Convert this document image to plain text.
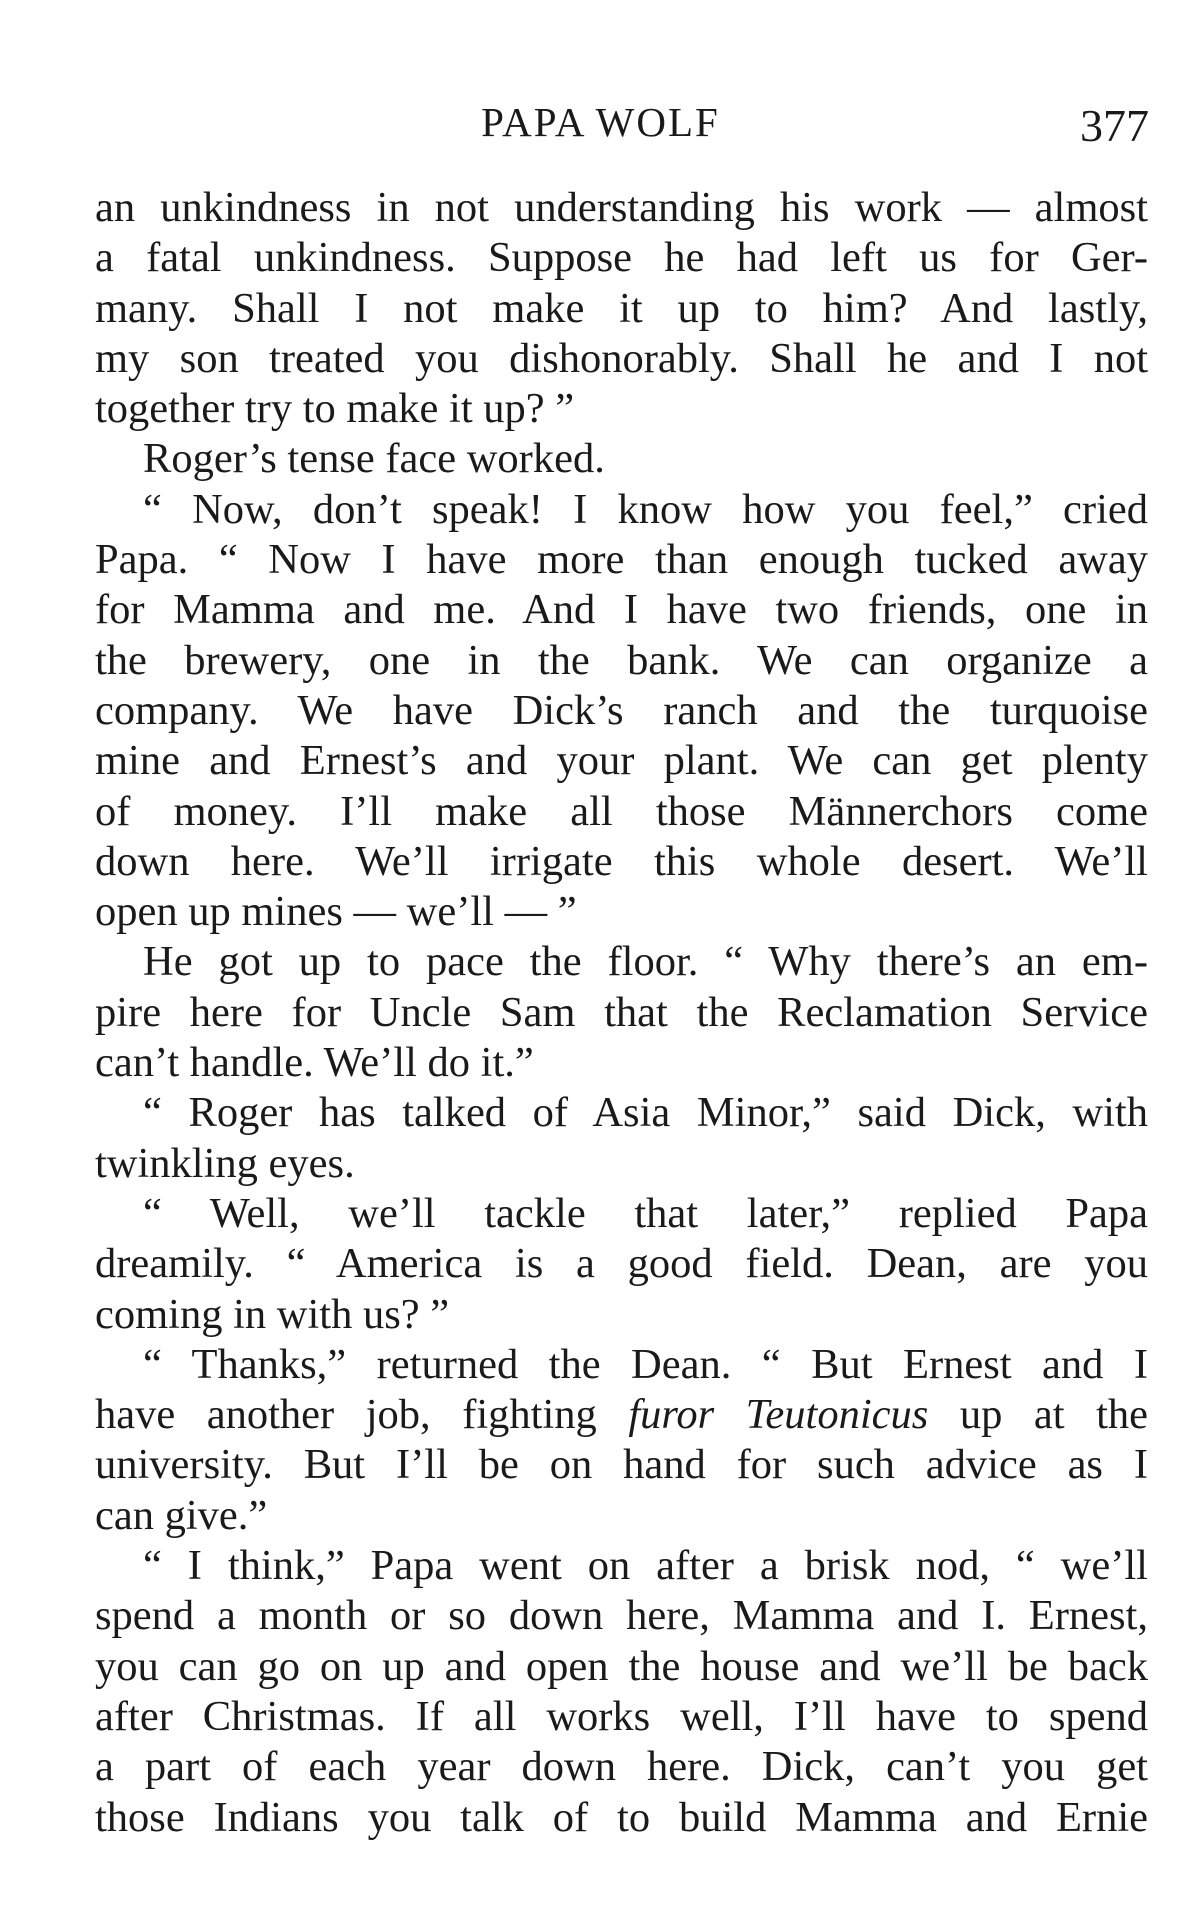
PAPA WOLF	377
an unkindness in not understanding his work — almost
a fatal unkindness. Suppose he had left us for Ger-
many. Shall I not make it up to him? And lastly,
my son treated you dishonorably. Shall he and I not
together try to make it up? ”
Roger’s tense face worked.
“ Now, don’t speak! I know how you feel,” cried
Papa. “ Now I have more than enough tucked away
for Mamma and me. And I have two friends, one in
the brewery, one in the bank. We can organize a
company. We have Dick’s ranch and the turquoise
mine and Ernest’s and your plant. We can get plenty
of money. I’ll make all those Männerchors come
down here. We’ll irrigate this whole desert. We’ll
open up mines — we’ll — ”
He got up to pace the floor. “ Why there’s an em-
pire here for Uncle Sam that the Reclamation Service
can’t handle. We’ll do it.”
“ Roger has talked of Asia Minor,” said Dick, with
twinkling eyes.
“ Well, we’ll tackle that later,” replied Papa
dreamily. “ America is a good field. Dean, are you
coming in with us? ”
“ Thanks,” returned the Dean. “ But Ernest and I
have another job, fighting furor Teutonicus up at the
university. But I’ll be on hand for such advice as I
can give.”
“ I think,” Papa went on after a brisk nod, “ we’ll
spend a month or so down here, Mamma and I. Ernest,
you can go on up and open the house and we’ll be back
after Christmas. If all works well, I’ll have to spend
a part of each year down here. Dick, can’t you get
those Indians you talk of to build Mamma and Ernie
